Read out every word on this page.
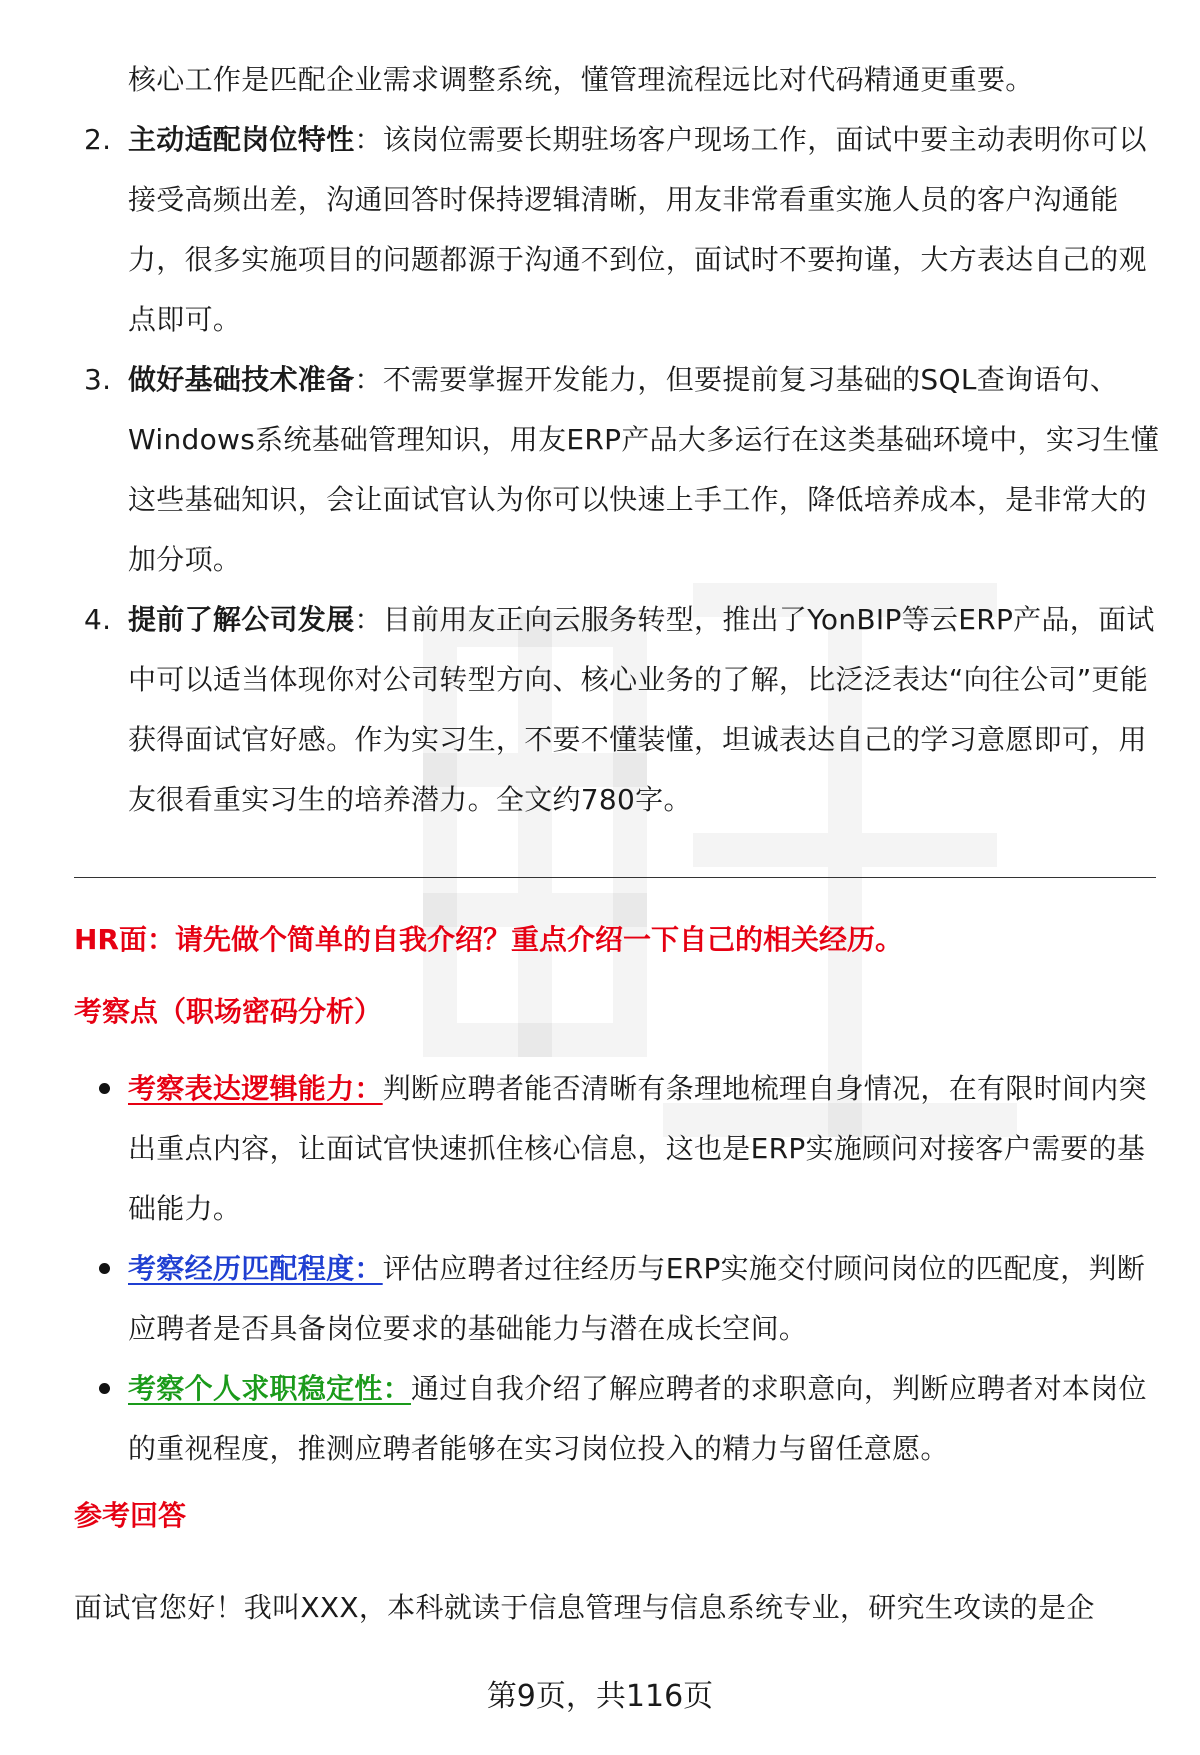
核心工作是匹配企业需求调整系统，懂管理流程远比对代码精通更重要。

2. 主动适配岗位特性：该岗位需要长期驻场客户现场工作，面试中要主动表明你可以接受高频出差，沟通回答时保持逻辑清晰，用友非常看重实施人员的客户沟通能力，很多实施项目的问题都源于沟通不到位，面试时不要拘谨，大方表达自己的观点即可。
3. 做好基础技术准备：不需要掌握开发能力，但要提前复习基础的SQL查询语句、Windows系统基础管理知识，用友ERP产品大多运行在这类基础环境中，实习生懂这些基础知识，会让面试官认为你可以快速上手工作，降低培养成本，是非常大的加分项。
4. 提前了解公司发展：目前用友正向云服务转型，推出了YonBIP等云ERP产品，面试中可以适当体现你对公司转型方向、核心业务的了解，比泛泛表达“向往公司”更能获得面试官好感。作为实习生，不要不懂装懂，坦诚表达自己的学习意愿即可，用友很看重实习生的培养潜力。全文约780字。

HR面：请先做个简单的自我介绍？重点介绍一下自己的相关经历。

考察点（职场密码分析）

考察表达逻辑能力：判断应聘者能否清晰有条理地梳理自身情况，在有限时间内突出重点内容，让面试官快速抓住核心信息，这也是ERP实施顾问对接客户需要的基础能力。
考察经历匹配程度：评估应聘者过往经历与ERP实施交付顾问岗位的匹配度，判断应聘者是否具备岗位要求的基础能力与潜在成长空间。
考察个人求职稳定性：通过自我介绍了解应聘者的求职意向，判断应聘者对本岗位的重视程度，推测应聘者能够在实习岗位投入的精力与留任意愿。

参考回答

面试官您好！我叫XXX，本科就读于信息管理与信息系统专业，研究生攻读的是企

第9页，共116页
